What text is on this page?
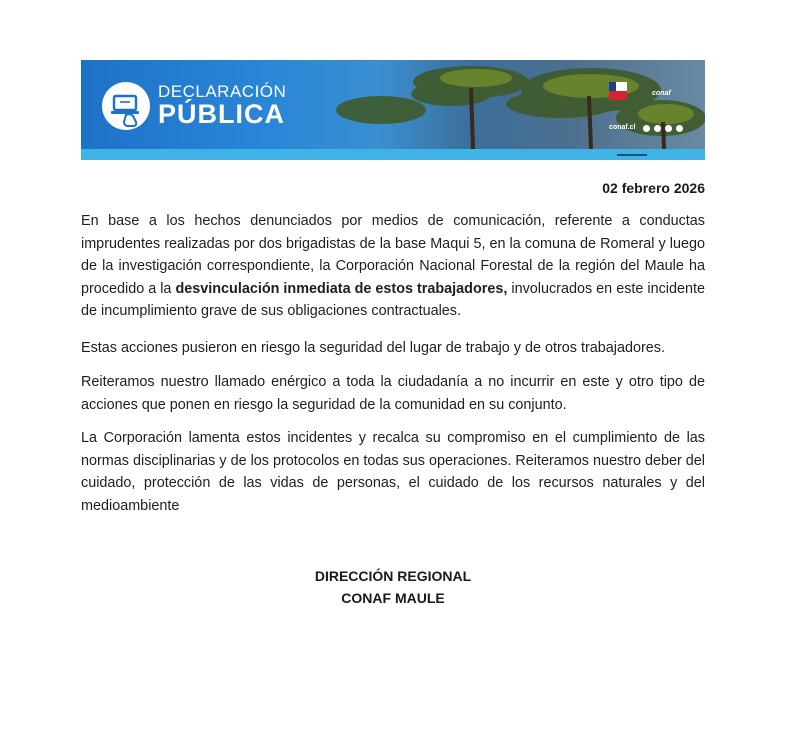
DECLARACIÓN
PÚBLICA
conaf
conaf.cl
02 febrero 2026

En base a los hechos denunciados por medios de comunicación, referente a conductas imprudentes realizadas por dos brigadistas de la base Maqui 5, en la comuna de Romeral y luego de la investigación correspondiente, la Corporación Nacional Forestal de la región del Maule ha procedido a la desvinculación inmediata de estos trabajadores, involucrados en este incidente de incumplimiento grave de sus obligaciones contractuales.

Estas acciones pusieron en riesgo la seguridad del lugar de trabajo y de otros trabajadores.

Reiteramos nuestro llamado enérgico a toda la ciudadanía a no incurrir en este y otro tipo de acciones que ponen en riesgo la seguridad de la comunidad en su conjunto.

La Corporación lamenta estos incidentes y recalca su compromiso en el cumplimiento de las normas disciplinarias y de los protocolos en todas sus operaciones. Reiteramos nuestro deber del cuidado, protección de las vidas de personas, el cuidado de los recursos naturales y del medioambiente

DIRECCIÓN REGIONAL
CONAF MAULE
